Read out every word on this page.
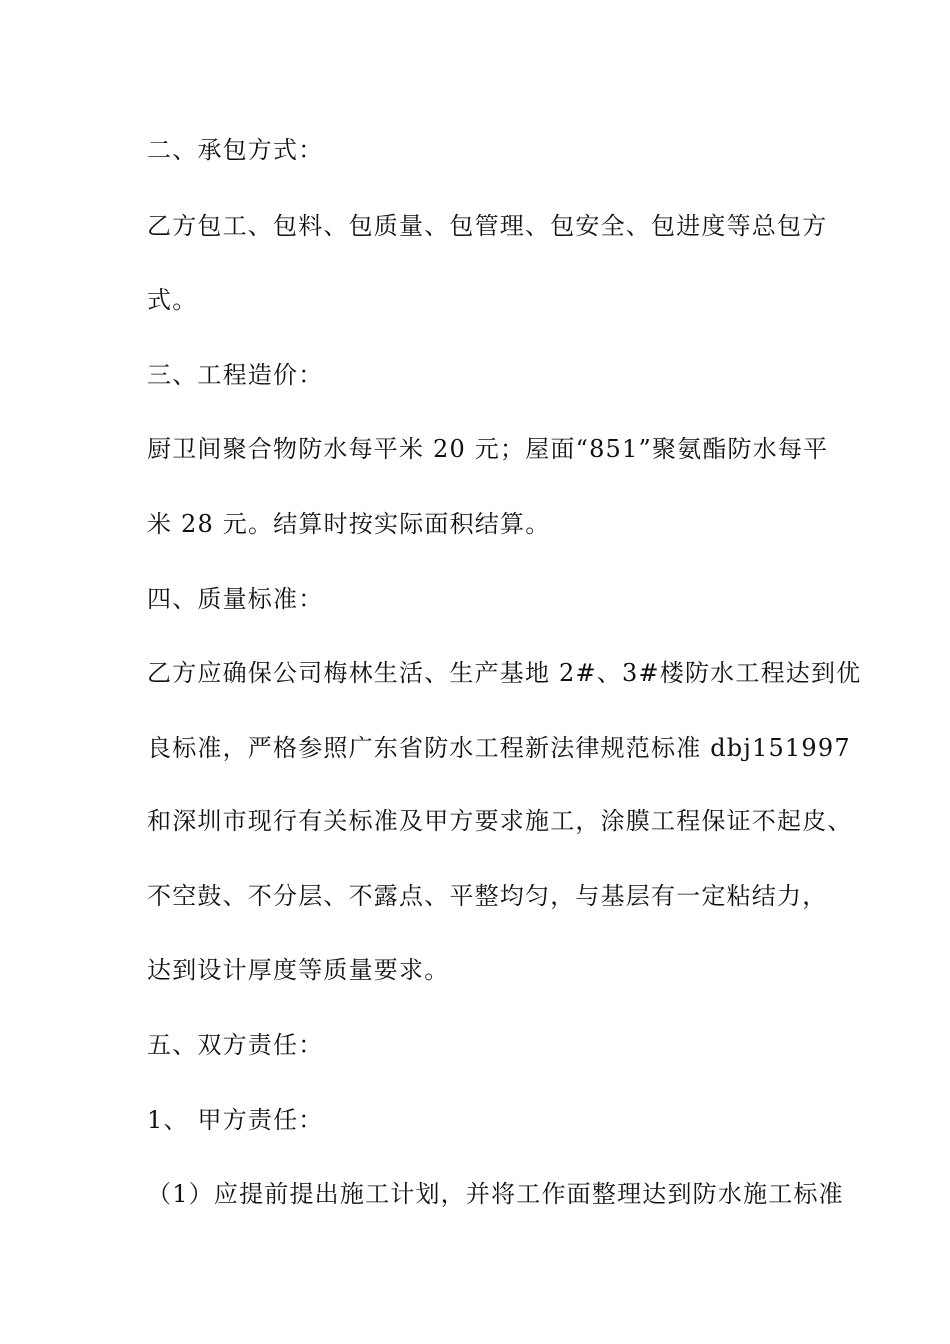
二、承包方式：
乙方包工、包料、包质量、包管理、包安全、包进度等总包方
式。
三、工程造价：
厨卫间聚合物防水每平米 20 元；屋面“851”聚氨酯防水每平
米 28 元。结算时按实际面积结算。
四、质量标准：
乙方应确保公司梅林生活、生产基地 2#、3#楼防水工程达到优
良标准，严格参照广东省防水工程新法律规范标准 dbj151997
和深圳市现行有关标准及甲方要求施工，涂膜工程保证不起皮、
不空鼓、不分层、不露点、平整均匀，与基层有一定粘结力，
达到设计厚度等质量要求。
五、双方责任：
1、 甲方责任：
（1）应提前提出施工计划，并将工作面整理达到防水施工标准
